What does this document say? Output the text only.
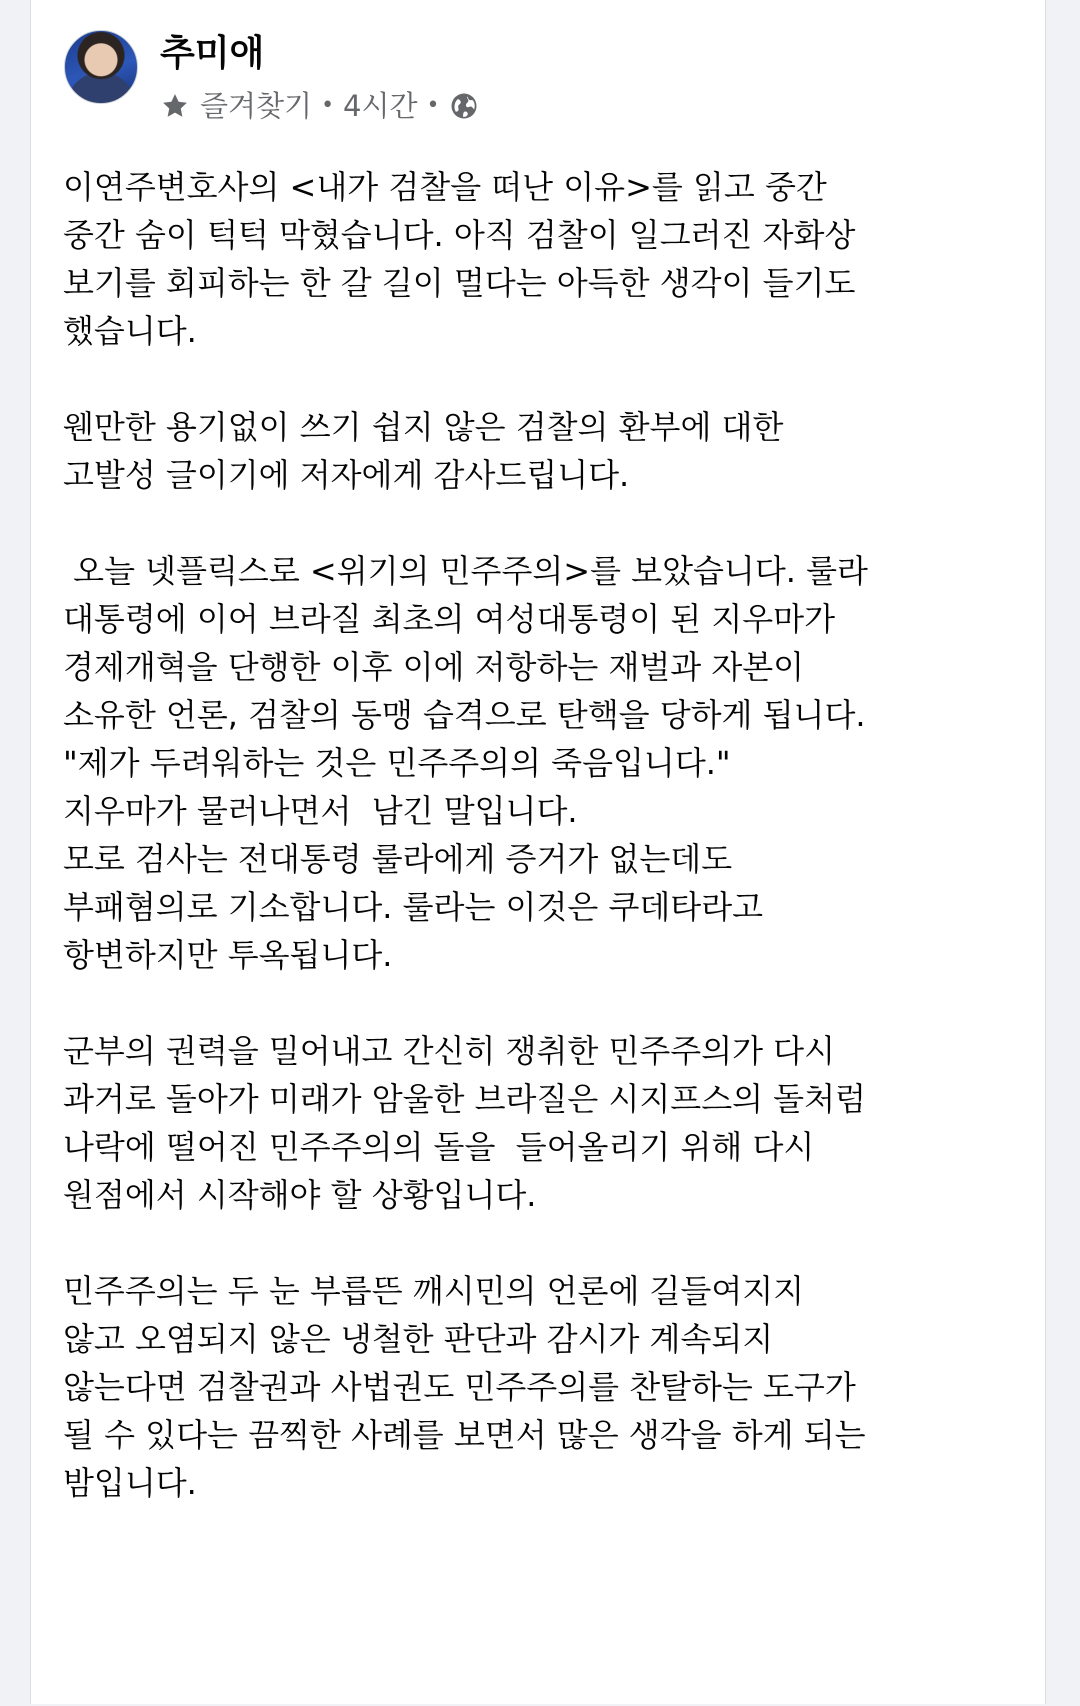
추미애
즐겨찾기 • 4시간 •
이연주변호사의 <내가 검찰을 떠난 이유>를 읽고 중간
중간 숨이 턱턱 막혔습니다. 아직 검찰이 일그러진 자화상
보기를 회피하는 한 갈 길이 멀다는 아득한 생각이 들기도
했습니다.
웬만한 용기없이 쓰기 쉽지 않은 검찰의 환부에 대한
고발성 글이기에 저자에게 감사드립니다.
오늘 넷플릭스로 <위기의 민주주의>를 보았습니다. 룰라
대통령에 이어 브라질 최초의 여성대통령이 된 지우마가
경제개혁을 단행한 이후 이에 저항하는 재벌과 자본이
소유한 언론, 검찰의 동맹 습격으로 탄핵을 당하게 됩니다.
"제가 두려워하는 것은 민주주의의 죽음입니다."
지우마가 물러나면서  남긴 말입니다.
모로 검사는 전대통령 룰라에게 증거가 없는데도
부패혐의로 기소합니다. 룰라는 이것은 쿠데타라고
항변하지만 투옥됩니다.
군부의 권력을 밀어내고 간신히 쟁취한 민주주의가 다시
과거로 돌아가 미래가 암울한 브라질은 시지프스의 돌처럼
나락에 떨어진 민주주의의 돌을  들어올리기 위해 다시
원점에서 시작해야 할 상황입니다.
민주주의는 두 눈 부릅뜬 깨시민의 언론에 길들여지지
않고 오염되지 않은 냉철한 판단과 감시가 계속되지
않는다면 검찰권과 사법권도 민주주의를 찬탈하는 도구가
될 수 있다는 끔찍한 사례를 보면서 많은 생각을 하게 되는
밤입니다.
